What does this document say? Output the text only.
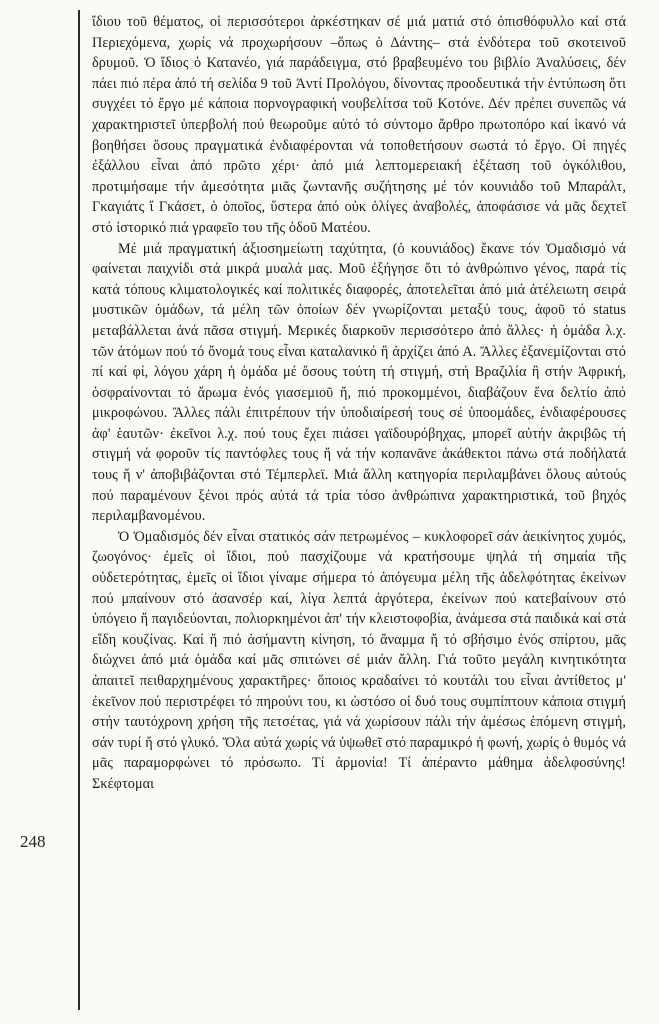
248

ἴδιου τοῦ θέματος, οἱ περισσότεροι ἀρκέστηκαν σέ μιά ματιά στό ὀπισθόφυλλο καί στά Περιεχόμενα, χωρίς νά προχωρήσουν –ὅπως ὁ Δάντης– στά ἐνδότερα τοῦ σκοτεινοῦ δρυμοῦ. Ὁ ἴδιος ὁ Κατανέο, γιά παράδειγμα, στό βραβευμένο του βιβλίο Ἀναλύσεις, δέν πάει πιό πέρα ἀπό τή σελίδα 9 τοῦ Ἀντί Προλόγου, δίνοντας προοδευτικά τήν ἐντύπωση ὅτι συγχέει τό ἔργο μέ κάποια πορνογραφική νουβελίτσα τοῦ Κοτόνε. Δέν πρέπει συνεπῶς νά χαρακτηριστεῖ ὑπερβολή πού θεωροῦμε αὐτό τό σύντομο ἄρθρο πρωτοπόρο καί ἱκανό νά βοηθήσει ὅσους πραγματικά ἐνδιαφέρονται νά τοποθετήσουν σωστά τό ἔργο. Οἱ πηγές ἐξάλλου εἶναι ἀπό πρῶτο χέρι· ἀπό μιά λεπτομερειακή ἐξέταση τοῦ ὀγκόλιθου, προτιμήσαμε τήν ἀμεσότητα μιᾶς ζωντανῆς συζήτησης μέ τόν κουνιάδο τοῦ Μπαράλτ, Γκαγιάτς ἴ Γκάσετ, ὁ ὁποῖος, ὕστερα ἀπό οὐκ ὀλίγες ἀναβολές, ἀποφάσισε νά μᾶς δεχτεῖ στό ἱστορικό πιά γραφεῖο του τῆς ὁδοῦ Ματέου.

Μέ μιά πραγματική ἀξιοσημείωτη ταχύτητα, (ὁ κουνιάδος) ἔκανε τόν Ὁμαδισμό νά φαίνεται παιχνίδι στά μικρά μυαλά μας. Μοῦ ἐξήγησε ὅτι τό ἀνθρώπινο γένος, παρά τίς κατά τόπους κλιματολογικές καί πολιτικές διαφορές, ἀποτελεῖται ἀπό μιά ἀτέλειωτη σειρά μυστικῶν ὁμάδων, τά μέλη τῶν ὁποίων δέν γνωρίζονται μεταξύ τους, ἀφοῦ τό status μεταβάλλεται ἀνά πᾶσα στιγμή. Μερικές διαρκοῦν περισσότερο ἀπό ἄλλες· ἡ ὁμάδα λ.χ. τῶν ἀτόμων πού τό ὄνομά τους εἶναι καταλανικό ἢ ἀρχίζει ἀπό Α. Ἄλλες ἐξανεμίζονται στό πί καί φί, λόγου χάρη ἡ ὁμάδα μέ ὅσους τούτη τή στιγμή, στή Βραζιλία ἢ στήν Ἀφρική, ὀσφραίνονται τό ἄρωμα ἑνός γιασεμιοῦ ἤ, πιό προκομμένοι, διαβάζουν ἕνα δελτίο ἀπό μικροφώνου. Ἄλλες πάλι ἐπιτρέπουν τήν ὑποδιαίρεσή τους σέ ὑποομάδες, ἐνδιαφέρουσες ἀφ' ἑαυτῶν· ἐκεῖνοι λ.χ. πού τους ἔχει πιάσει γαϊδουρόβηχας, μπορεῖ αὐτήν ἀκριβῶς τή στιγμή νά φοροῦν τίς παντόφλες τους ἤ νά τήν κοπανᾶνε ἀκάθεκτοι πάνω στά ποδήλατά τους ἤ ν' ἀποβιβάζονται στό Τέμπερλεϊ. Μιά ἄλλη κατηγορία περιλαμβάνει ὅλους αὐτούς πού παραμένουν ξένοι πρός αὐτά τά τρία τόσο ἀνθρώπινα χαρακτηριστικά, τοῦ βηχός περιλαμβανομένου.

Ὁ Ὁμαδισμός δέν εἶναι στατικός σάν πετρωμένος – κυκλοφορεῖ σάν ἀεικίνητος χυμός, ζωογόνος· ἐμεῖς οἱ ἴδιοι, πού πασχίζουμε νά κρατήσουμε ψηλά τή σημαία τῆς οὐδετερότητας, ἐμεῖς οἱ ἴδιοι γίναμε σήμερα τό ἀπόγευμα μέλη τῆς ἀδελφότητας ἐκείνων πού μπαίνουν στό ἀσανσέρ καί, λίγα λεπτά ἀργότερα, ἐκείνων πού κατεβαίνουν στό ὑπόγειο ἤ παγιδεύονται, πολιορκημένοι ἀπ' τήν κλειστοφοβία, ἀνάμεσα στά παιδικά καί στά εἴδη κουζίνας. Καί ἤ πιό ἀσήμαντη κίνηση, τό ἄναμμα ἤ τό σβήσιμο ἑνός σπίρτου, μᾶς διώχνει ἀπό μιά ὁμάδα καί μᾶς σπιτώνει σέ μιάν ἄλλη. Γιά τοῦτο μεγάλη κινητικότητα ἀπαιτεῖ πειθαρχημένους χαρακτῆρες· ὅποιος κραδαίνει τό κουτάλι του εἶναι ἀντίθετος μ' ἐκεῖνον πού περιστρέφει τό πηρούνι του, κι ὡστόσο οἱ δυό τους συμπίπτουν κάποια στιγμή στήν ταυτόχρονη χρήση τῆς πετσέτας, γιά νά χωρίσουν πάλι τήν ἀμέσως ἑπόμενη στιγμή, σάν τυρί ἤ στό γλυκό. Ὅλα αὐτά χωρίς νά ὑψωθεῖ στό παραμικρό ἡ φωνή, χωρίς ὁ θυμός νά μᾶς παραμορφώνει τό πρόσωπο. Τί ἁρμονία! Τί ἀπέραντο μάθημα ἀδελφοσύνης! Σκέφτομαι
